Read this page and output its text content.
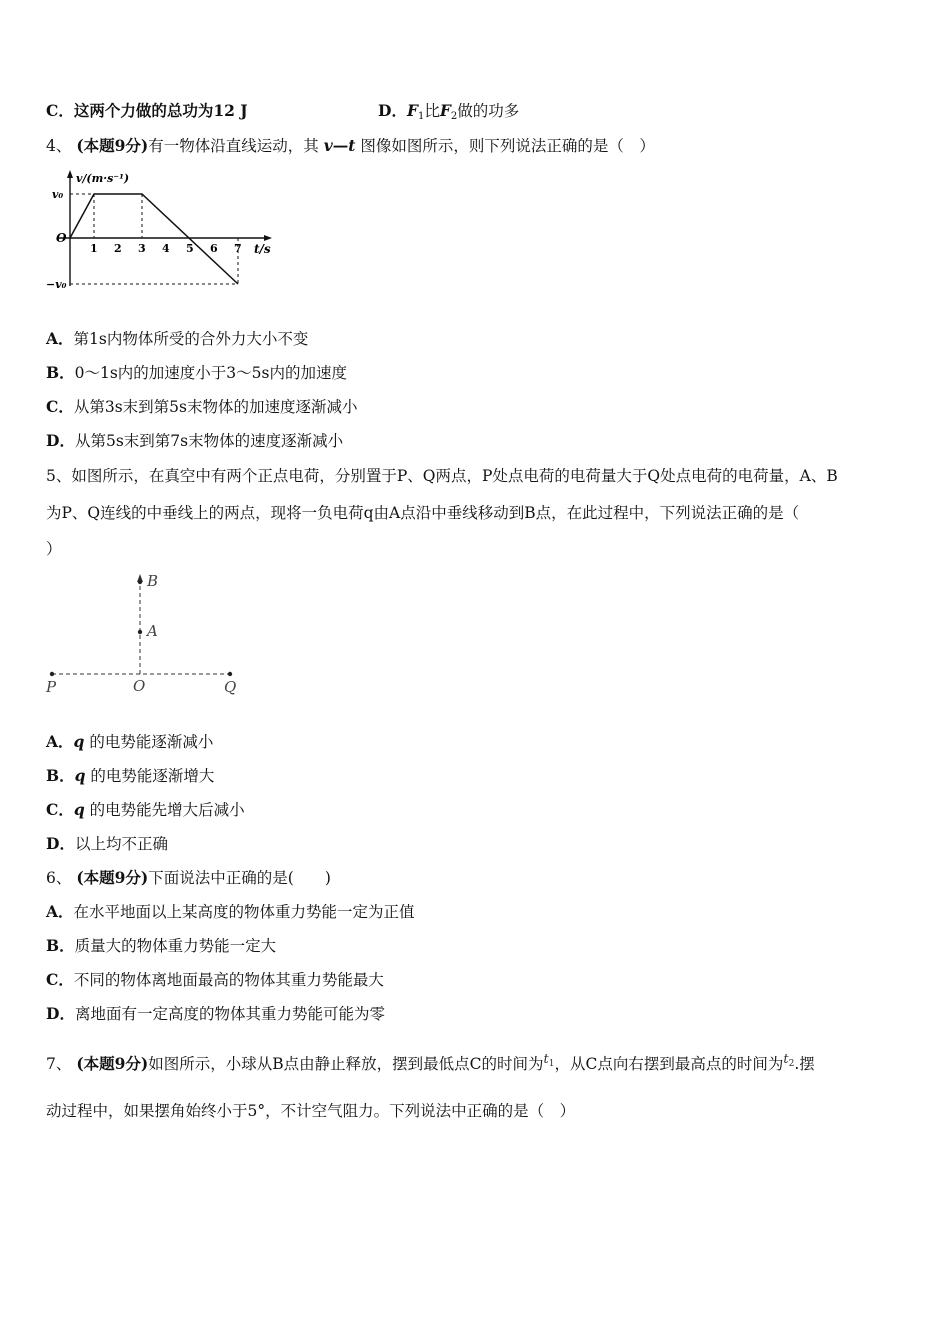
C．这两个力做的总功为12 J	D．$F_1$比$F_2$做的功多
4、 (本题9分)有一物体沿直线运动，其 v—t 图像如图所示，则下列说法正确的是（　）
v/(m·s⁻¹)
t/s
v₀
−v₀
O
1 2 3 4 5 6 7
A．第1s内物体所受的合外力大小不变
B．0～1s内的加速度小于3～5s内的加速度
C．从第3s末到第5s末物体的加速度逐渐减小
D．从第5s末到第7s末物体的速度逐渐减小
5、如图所示，在真空中有两个正点电荷，分别置于P、Q两点，P处点电荷的电荷量大于Q处点电荷的电荷量，A、B
为P、Q连线的中垂线上的两点，现将一负电荷q由A点沿中垂线移动到B点，在此过程中，下列说法正确的是（
）
B
A
P	O	Q
A．q 的电势能逐渐减小
B．q 的电势能逐渐增大
C．q 的电势能先增大后减小
D．以上均不正确
6、 (本题9分)下面说法中正确的是(　　)
A．在水平地面以上某高度的物体重力势能一定为正值
B．质量大的物体重力势能一定大
C．不同的物体离地面最高的物体其重力势能最大
D．离地面有一定高度的物体其重力势能可能为零
7、 (本题9分)如图所示，小球从B点由静止释放，摆到最低点C的时间为$^{t_1}$，从C点向右摆到最高点的时间为$^{t_2}$.摆
动过程中，如果摆角始终小于5°，不计空气阻力。下列说法中正确的是（　）
